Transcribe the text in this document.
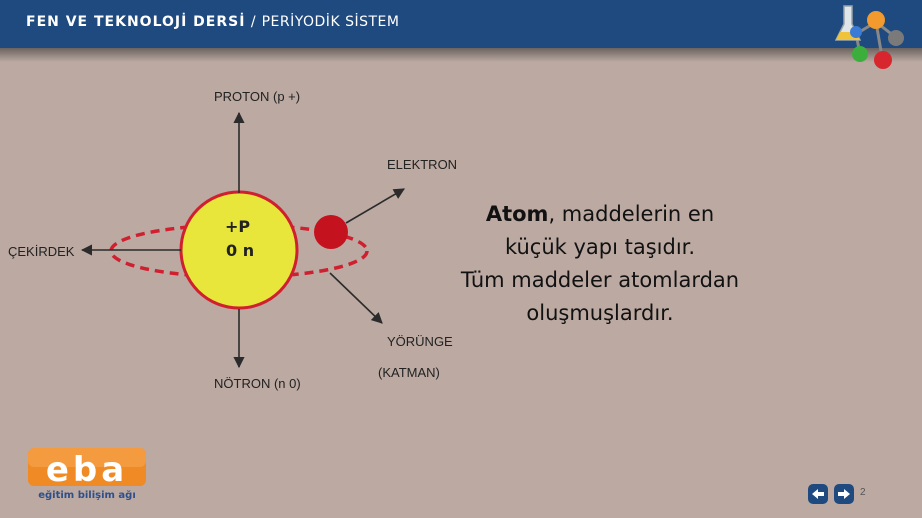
FEN VE TEKNOLOJİ DERSİ / PERİYODİK SİSTEM
PROTON (p +)
ELEKTRON
ÇEKİRDEK
YÖRÜNGE
(KATMAN)
NÖTRON (n 0)
+P
0 n
Atom, maddelerin en
küçük yapı taşıdır.
Tüm maddeler atomlardan
oluşmuşlardır.
eba
eğitim bilişim ağı	2
